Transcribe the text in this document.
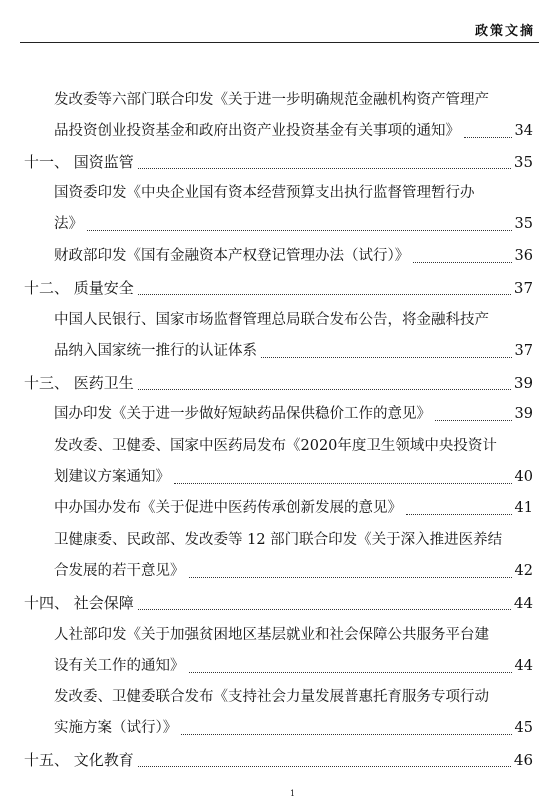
政策文摘
发改委等六部门联合印发《关于进一步明确规范金融机构资产管理产
品投资创业投资基金和政府出资产业投资基金有关事项的通知》	34
十一、 国资监管	35
国资委印发《中央企业国有资本经营预算支出执行监督管理暂行办
法》	35
财政部印发《国有金融资本产权登记管理办法（试行）》	36
十二、 质量安全	37
中国人民银行、国家市场监督管理总局联合发布公告，将金融科技产
品纳入国家统一推行的认证体系	37
十三、 医药卫生	39
国办印发《关于进一步做好短缺药品保供稳价工作的意见》	39
发改委、卫健委、国家中医药局发布《2020年度卫生领域中央投资计
划建议方案通知》	40
中办国办发布《关于促进中医药传承创新发展的意见》	41
卫健康委、民政部、发改委等 12 部门联合印发《关于深入推进医养结
合发展的若干意见》	42
十四、 社会保障	44
人社部印发《关于加强贫困地区基层就业和社会保障公共服务平台建
设有关工作的通知》	44
发改委、卫健委联合发布《支持社会力量发展普惠托育服务专项行动
实施方案（试行）》	45
十五、 文化教育	46
1
